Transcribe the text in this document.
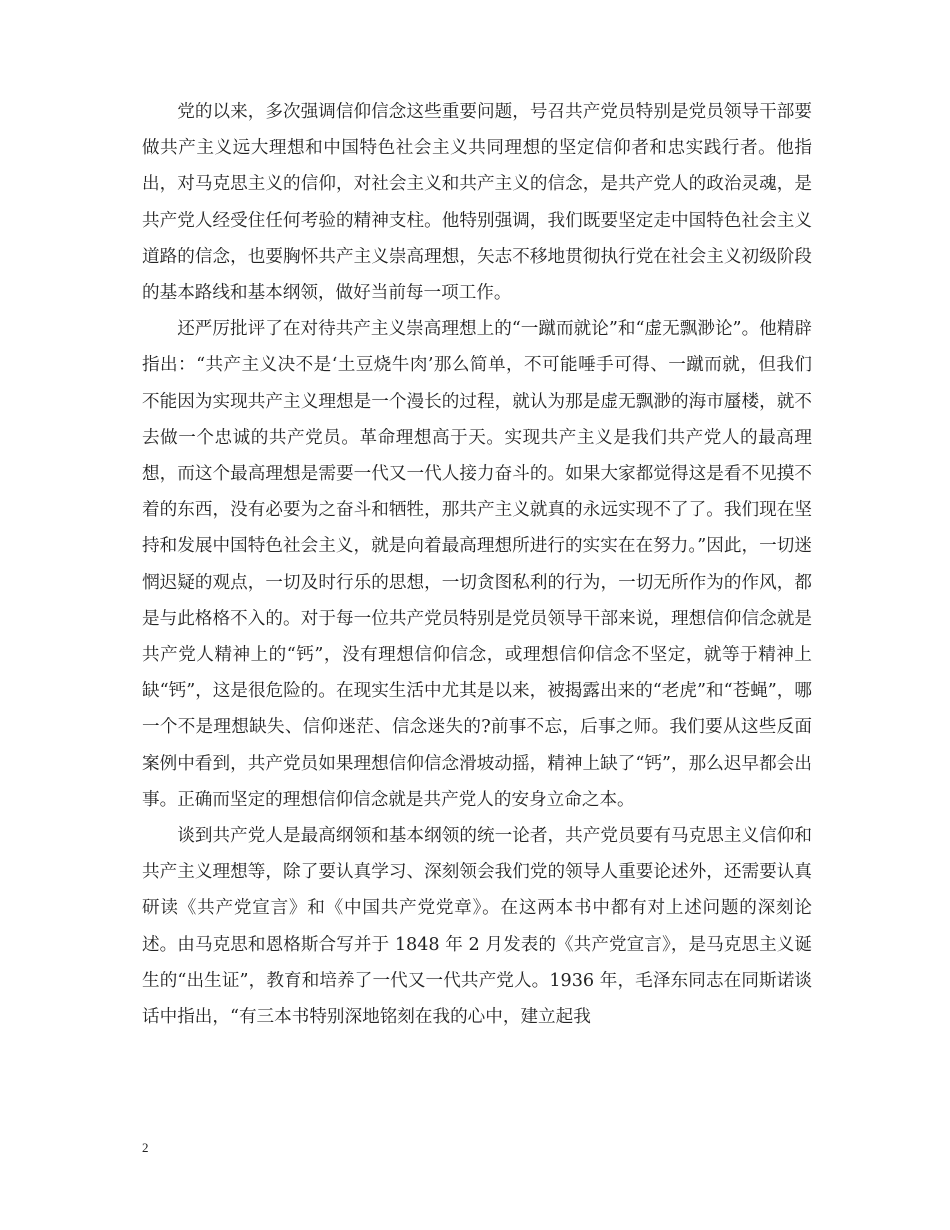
党的以来，多次强调信仰信念这些重要问题，号召共产党员特别是党员领导干部要做共产主义远大理想和中国特色社会主义共同理想的坚定信仰者和忠实践行者。他指出，对马克思主义的信仰，对社会主义和共产主义的信念，是共产党人的政治灵魂，是共产党人经受住任何考验的精神支柱。他特别强调，我们既要坚定走中国特色社会主义道路的信念，也要胸怀共产主义崇高理想，矢志不移地贯彻执行党在社会主义初级阶段的基本路线和基本纲领，做好当前每一项工作。

还严厉批评了在对待共产主义崇高理想上的“一蹴而就论”和“虚无飘渺论”。他精辟指出：“共产主义决不是‘土豆烧牛肉’那么简单，不可能唾手可得、一蹴而就，但我们不能因为实现共产主义理想是一个漫长的过程，就认为那是虚无飘渺的海市蜃楼，就不去做一个忠诚的共产党员。革命理想高于天。实现共产主义是我们共产党人的最高理想，而这个最高理想是需要一代又一代人接力奋斗的。如果大家都觉得这是看不见摸不着的东西，没有必要为之奋斗和牺牲，那共产主义就真的永远实现不了了。我们现在坚持和发展中国特色社会主义，就是向着最高理想所进行的实实在在努力。”因此，一切迷惘迟疑的观点，一切及时行乐的思想，一切贪图私利的行为，一切无所作为的作风，都是与此格格不入的。对于每一位共产党员特别是党员领导干部来说，理想信仰信念就是共产党人精神上的“钙”，没有理想信仰信念，或理想信仰信念不坚定，就等于精神上缺“钙”，这是很危险的。在现实生活中尤其是以来，被揭露出来的“老虎”和“苍蝇”，哪一个不是理想缺失、信仰迷茫、信念迷失的?前事不忘，后事之师。我们要从这些反面案例中看到，共产党员如果理想信仰信念滑坡动摇，精神上缺了“钙”，那么迟早都会出事。正确而坚定的理想信仰信念就是共产党人的安身立命之本。

谈到共产党人是最高纲领和基本纲领的统一论者，共产党员要有马克思主义信仰和共产主义理想等，除了要认真学习、深刻领会我们党的领导人重要论述外，还需要认真研读《共产党宣言》和《中国共产党党章》。在这两本书中都有对上述问题的深刻论述。由马克思和恩格斯合写并于 1848 年 2 月发表的《共产党宣言》，是马克思主义诞生的“出生证”，教育和培养了一代又一代共产党人。1936 年，毛泽东同志在同斯诺谈话中指出，“有三本书特别深地铭刻在我的心中，建立起我

2
